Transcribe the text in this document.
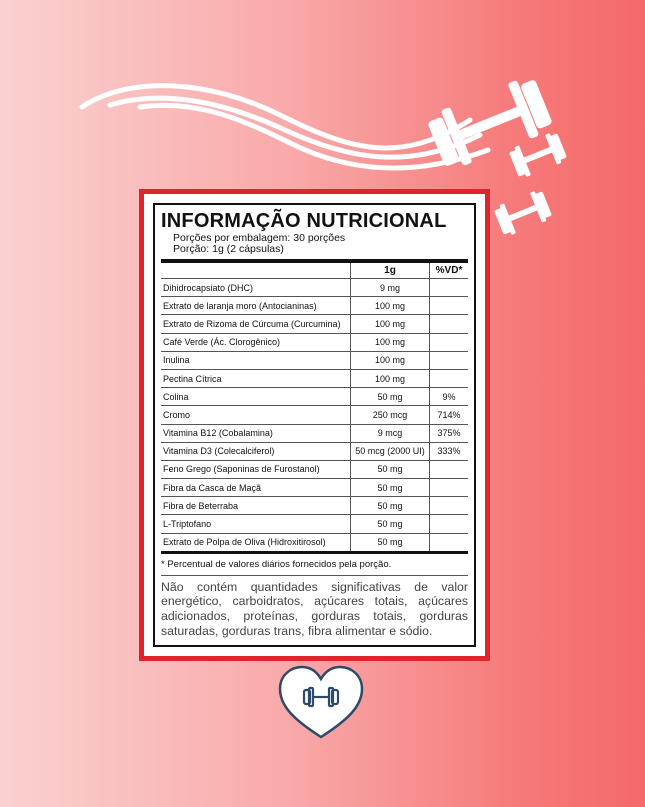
INFORMAÇÃO NUTRICIONAL
Porções por embalagem: 30 porções
Porção: 1g (2 cápsulas)
	1g	%VD*
Dihidrocapsiato (DHC)	9 mg	
Extrato de laranja moro (Antocianinas)	100 mg	
Extrato de Rizoma de Cúrcuma (Curcumina)	100 mg	
Café Verde (Ác. Clorogênico)	100 mg	
Inulina	100 mg	
Pectina Cítrica	100 mg	
Colina	50 mg	9%
Cromo	250 mcg	714%
Vitamina B12 (Cobalamina)	9 mcg	375%
Vitamina D3 (Colecalciferol)	50 mcg (2000 UI)	333%
Feno Grego (Saponinas de Furostanol)	50 mg	
Fibra da Casca de Maçã	50 mg	
Fibra de Beterraba	50 mg	
L-Triptofano	50 mg	
Extrato de Polpa de Oliva (Hidroxitirosol)	50 mg	
* Percentual de valores diários fornecidos pela porção.
Não contém quantidades significativas de valor energético, carboidratos, açúcares totais, açúcares adicionados, proteínas, gorduras totais, gorduras saturadas, gorduras trans, fibra alimentar e sódio.
